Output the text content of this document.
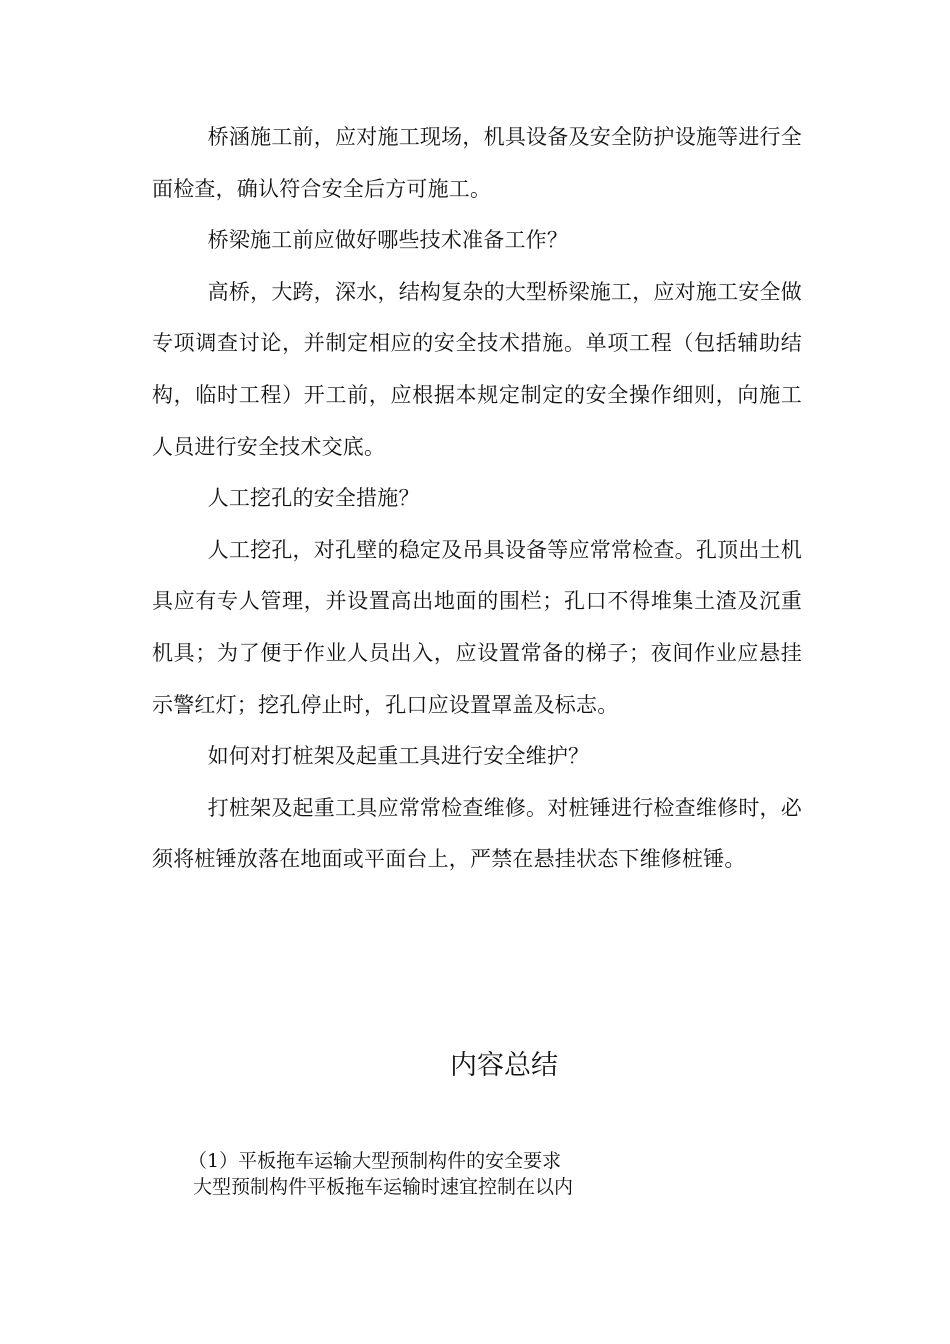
桥涵施工前，应对施工现场，机具设备及安全防护设施等进行全面检查，确认符合安全后方可施工。

桥梁施工前应做好哪些技术准备工作？

高桥，大跨，深水，结构复杂的大型桥梁施工，应对施工安全做专项调查讨论，并制定相应的安全技术措施。单项工程（包括辅助结构，临时工程）开工前，应根据本规定制定的安全操作细则，向施工人员进行安全技术交底。

人工挖孔的安全措施？

人工挖孔，对孔壁的稳定及吊具设备等应常常检查。孔顶出土机具应有专人管理，并设置高出地面的围栏；孔口不得堆集土渣及沉重机具；为了便于作业人员出入，应设置常备的梯子；夜间作业应悬挂示警红灯；挖孔停止时，孔口应设置罩盖及标志。

如何对打桩架及起重工具进行安全维护？

打桩架及起重工具应常常检查维修。对桩锤进行检查维修时，必须将桩锤放落在地面或平面台上，严禁在悬挂状态下维修桩锤。

内容总结

（1）平板拖车运输大型预制构件的安全要求

大型预制构件平板拖车运输时速宜控制在以内
